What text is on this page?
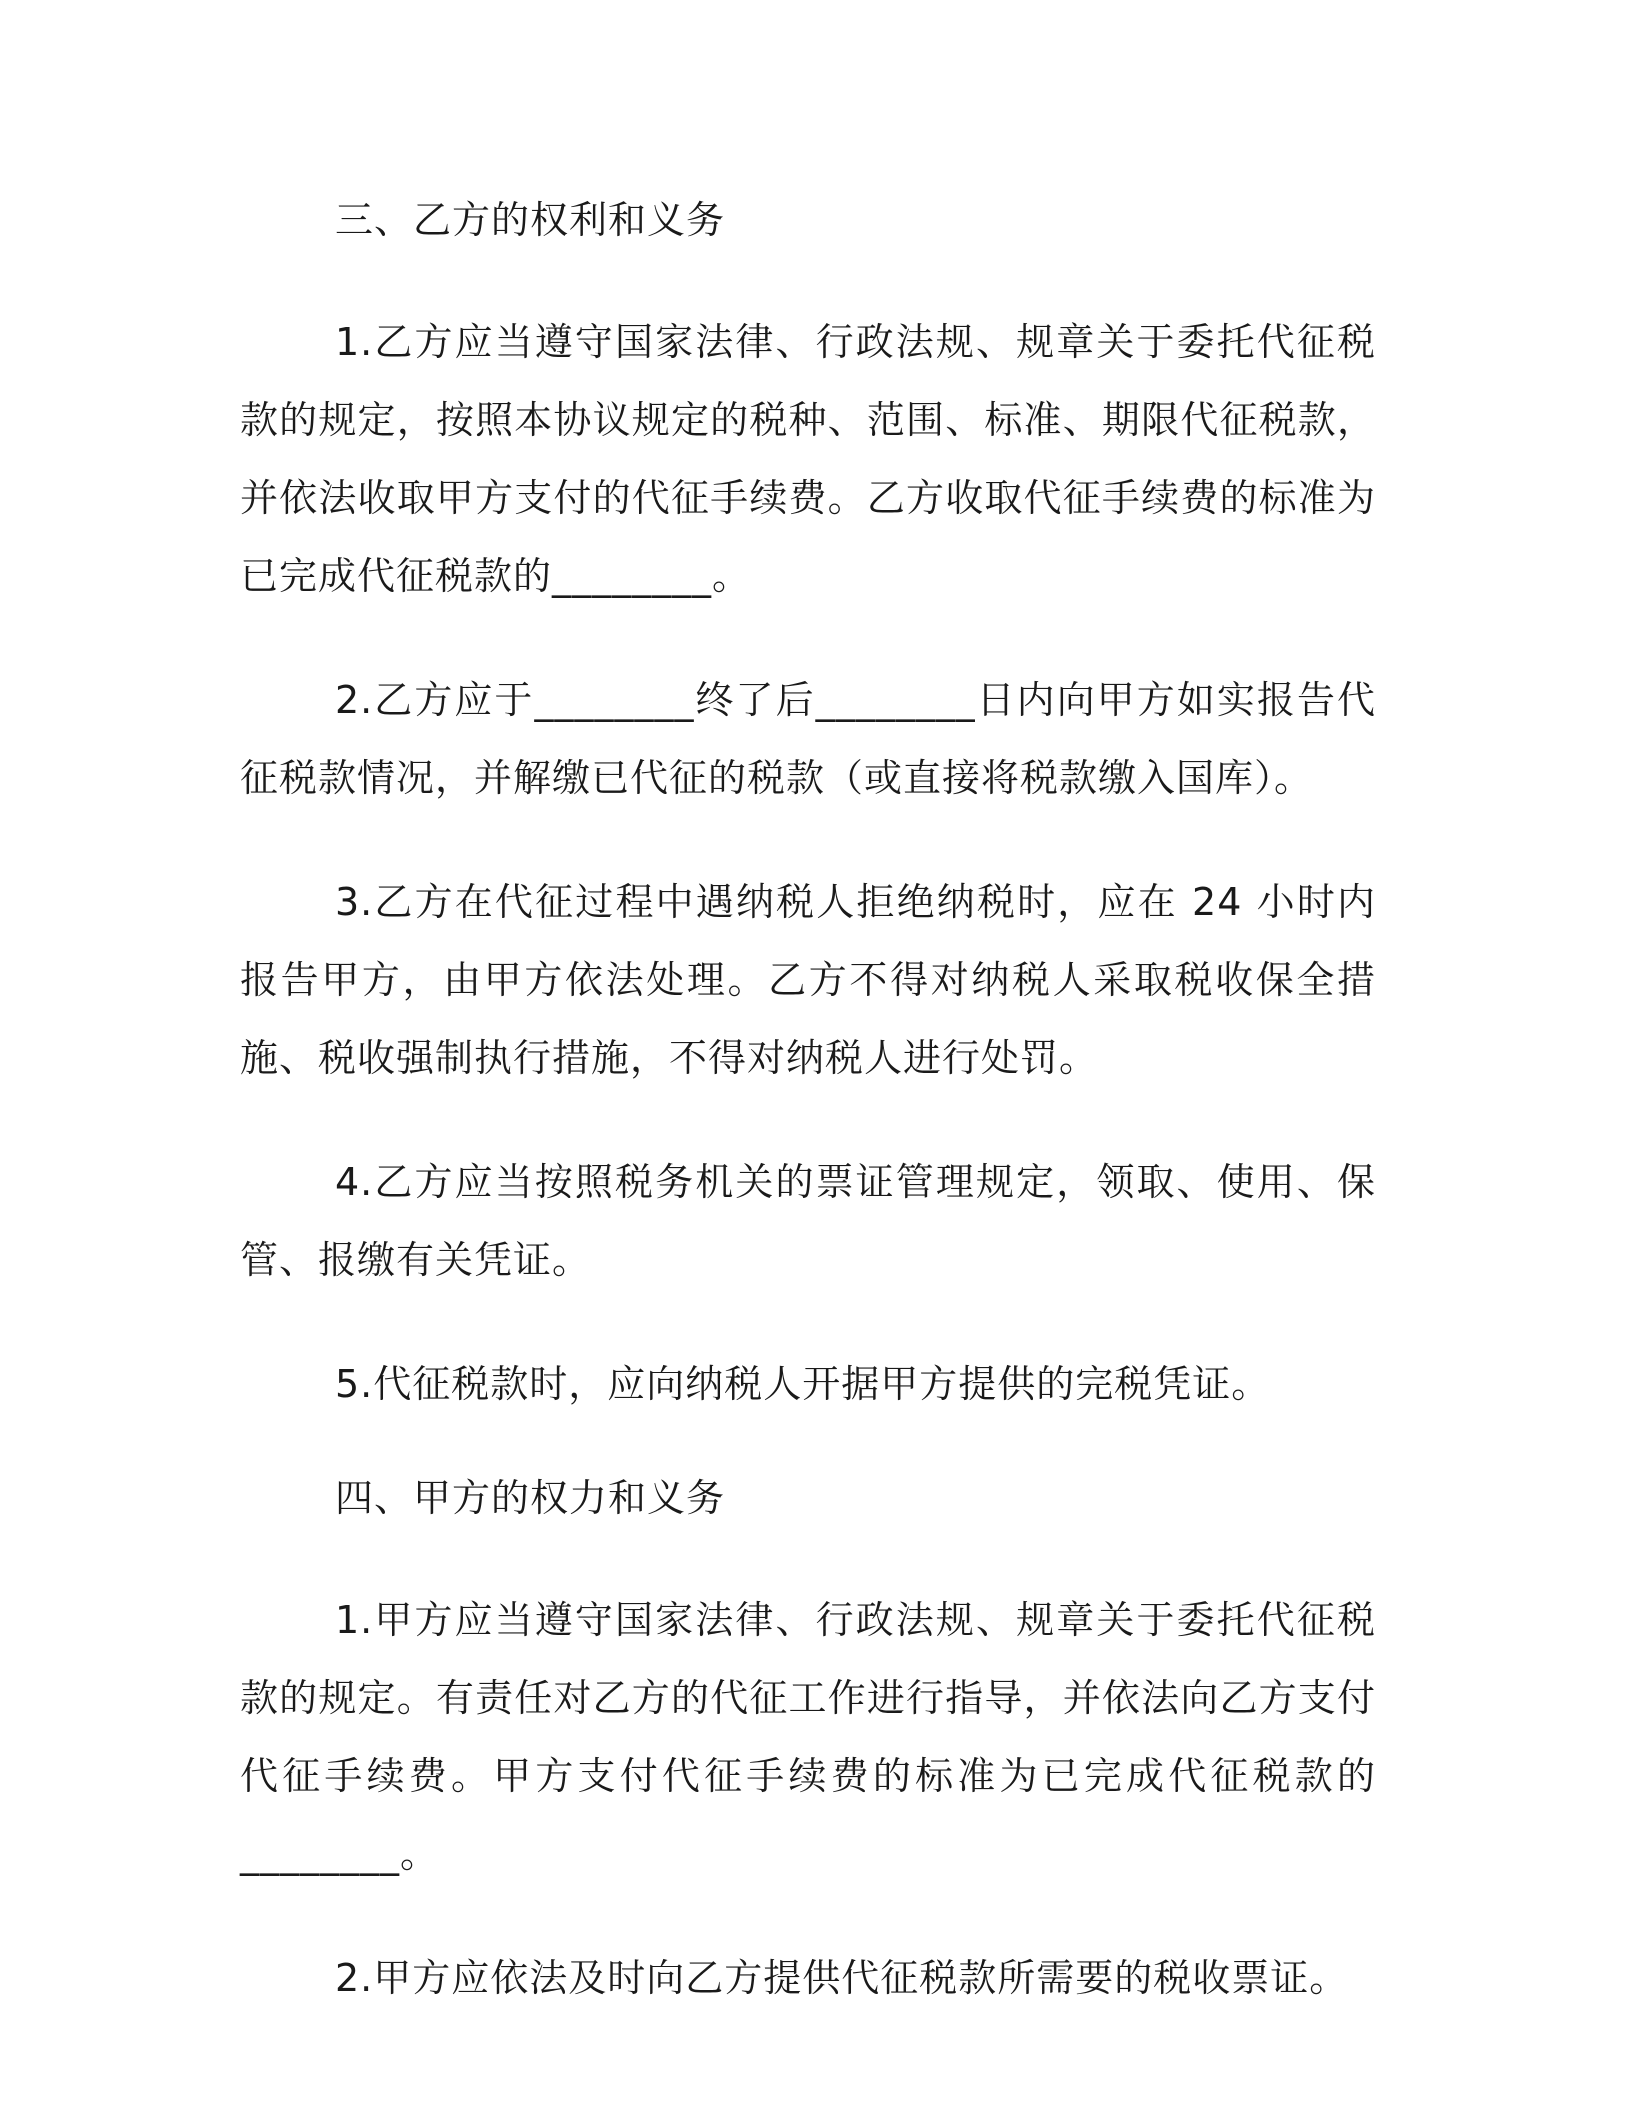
三、乙方的权利和义务

1.乙方应当遵守国家法律、行政法规、规章关于委托代征税款的规定，按照本协议规定的税种、范围、标准、期限代征税款，并依法收取甲方支付的代征手续费。乙方收取代征手续费的标准为已完成代征税款的________。

2.乙方应于________终了后________日内向甲方如实报告代征税款情况，并解缴已代征的税款（或直接将税款缴入国库）。

3.乙方在代征过程中遇纳税人拒绝纳税时，应在 24 小时内报告甲方，由甲方依法处理。乙方不得对纳税人采取税收保全措施、税收强制执行措施，不得对纳税人进行处罚。

4.乙方应当按照税务机关的票证管理规定，领取、使用、保管、报缴有关凭证。

5.代征税款时，应向纳税人开据甲方提供的完税凭证。

四、甲方的权力和义务

1.甲方应当遵守国家法律、行政法规、规章关于委托代征税款的规定。有责任对乙方的代征工作进行指导，并依法向乙方支付代征手续费。甲方支付代征手续费的标准为已完成代征税款的________。

2.甲方应依法及时向乙方提供代征税款所需要的税收票证。
